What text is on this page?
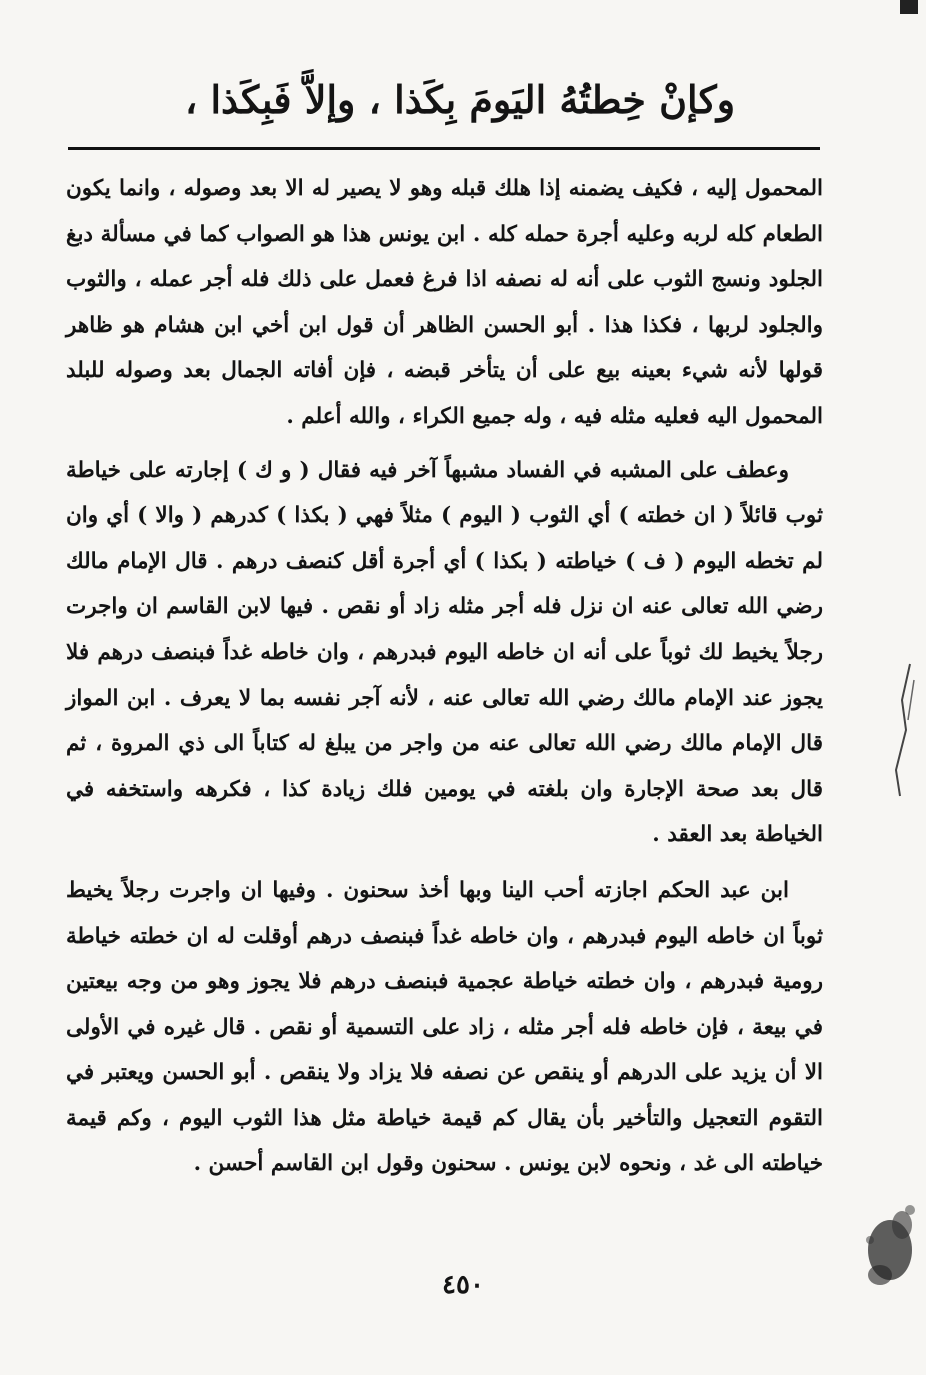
وكإنْ خِطتُهُ اليَومَ بِكَذا ، وإلاَّ فَبِكَذا ،

المحمول إليه ، فكيف يضمنه إذا هلك قبله وهو لا يصير له الا بعد وصوله ، وانما يكون الطعام كله لربه وعليه أجرة حمله كله . ابن يونس هذا هو الصواب كما في مسألة دبغ الجلود ونسج الثوب على أنه له نصفه اذا فرغ فعمل على ذلك فله أجر عمله ، والثوب والجلود لربها ، فكذا هذا . أبو الحسن الظاهر أن قول ابن أخي ابن هشام هو ظاهر قولها لأنه شيء بعينه بيع على أن يتأخر قبضه ، فإن أفاته الجمال بعد وصوله للبلد المحمول اليه فعليه مثله فيه ، وله جميع الكراء ، والله أعلم .

وعطف على المشبه في الفساد مشبهاً آخر فيه فقال ( و ك ) إجارته على خياطة ثوب قائلاً ( ان خطته ) أي الثوب ( اليوم ) مثلاً فهي ( بكذا ) كدرهم ( والا ) أي وان لم تخطه اليوم ( ف ) خياطته ( بكذا ) أي أجرة أقل كنصف درهم . قال الإمام مالك رضي الله تعالى عنه ان نزل فله أجر مثله زاد أو نقص . فيها لابن القاسم ان واجرت رجلاً يخيط لك ثوباً على أنه ان خاطه اليوم فبدرهم ، وان خاطه غداً فبنصف درهم فلا يجوز عند الإمام مالك رضي الله تعالى عنه ، لأنه آجر نفسه بما لا يعرف . ابن المواز قال الإمام مالك رضي الله تعالى عنه من واجر من يبلغ له كتاباً الى ذي المروة ، ثم قال بعد صحة الإجارة وان بلغته في يومين فلك زيادة كذا ، فكرهه واستخفه في الخياطة بعد العقد .

ابن عبد الحكم اجازته أحب الينا وبها أخذ سحنون . وفيها ان واجرت رجلاً يخيط ثوباً ان خاطه اليوم فبدرهم ، وان خاطه غداً فبنصف درهم أوقلت له ان خطته خياطة رومية فبدرهم ، وان خطته خياطة عجمية فبنصف درهم فلا يجوز وهو من وجه بيعتين في بيعة ، فإن خاطه فله أجر مثله ، زاد على التسمية أو نقص . قال غيره في الأولى الا أن يزيد على الدرهم أو ينقص عن نصفه فلا يزاد ولا ينقص . أبو الحسن ويعتبر في التقوم التعجيل والتأخير بأن يقال كم قيمة خياطة مثل هذا الثوب اليوم ، وكم قيمة خياطته الى غد ، ونحوه لابن يونس . سحنون وقول ابن القاسم أحسن .

٤٥٠
